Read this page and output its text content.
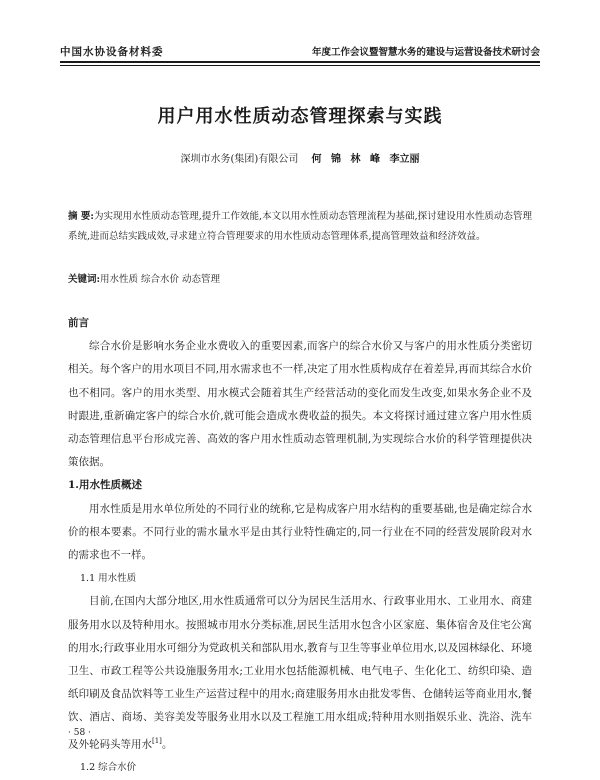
中国水协设备材料委	年度工作会议暨智慧水务的建设与运营设备技术研讨会
用户用水性质动态管理探索与实践
深圳市水务(集团)有限公司 何 锦 林 峰 李立丽
摘 要:为实现用水性质动态管理,提升工作效能,本文以用水性质动态管理流程为基础,探讨建设用水性质动态管理系统,进而总结实践成效,寻求建立符合管理要求的用水性质动态管理体系,提高管理效益和经济效益。
关键词:用水性质 综合水价 动态管理
前言

综合水价是影响水务企业水费收入的重要因素,而客户的综合水价又与客户的用水性质分类密切相关。每个客户的用水项目不同,用水需求也不一样,决定了用水性质构成存在着差异,再而其综合水价也不相同。客户的用水类型、用水模式会随着其生产经营活动的变化而发生改变,如果水务企业不及时跟进,重新确定客户的综合水价,就可能会造成水费收益的损失。本文将探讨通过建立客户用水性质动态管理信息平台形成完善、高效的客户用水性质动态管理机制,为实现综合水价的科学管理提供决策依据。

1.用水性质概述

用水性质是用水单位所处的不同行业的统称,它是构成客户用水结构的重要基础,也是确定综合水价的根本要素。不同行业的需水量水平是由其行业特性确定的,同一行业在不同的经营发展阶段对水的需求也不一样。

1.1 用水性质

目前,在国内大部分地区,用水性质通常可以分为居民生活用水、行政事业用水、工业用水、商建服务用水以及特种用水。按照城市用水分类标准,居民生活用水包含小区家庭、集体宿舍及住宅公寓的用水;行政事业用水可细分为党政机关和部队用水,教育与卫生等事业单位用水,以及园林绿化、环境卫生、市政工程等公共设施服务用水;工业用水包括能源机械、电气电子、生化化工、纺织印染、造纸印刷及食品饮料等工业生产运营过程中的用水;商建服务用水由批发零售、仓储转运等商业用水,餐饮、酒店、商场、美容美发等服务业用水以及工程施工用水组成;特种用水则指娱乐业、洗浴、洗车及外轮码头等用水[1]。

1.2 综合水价
· 58 ·
